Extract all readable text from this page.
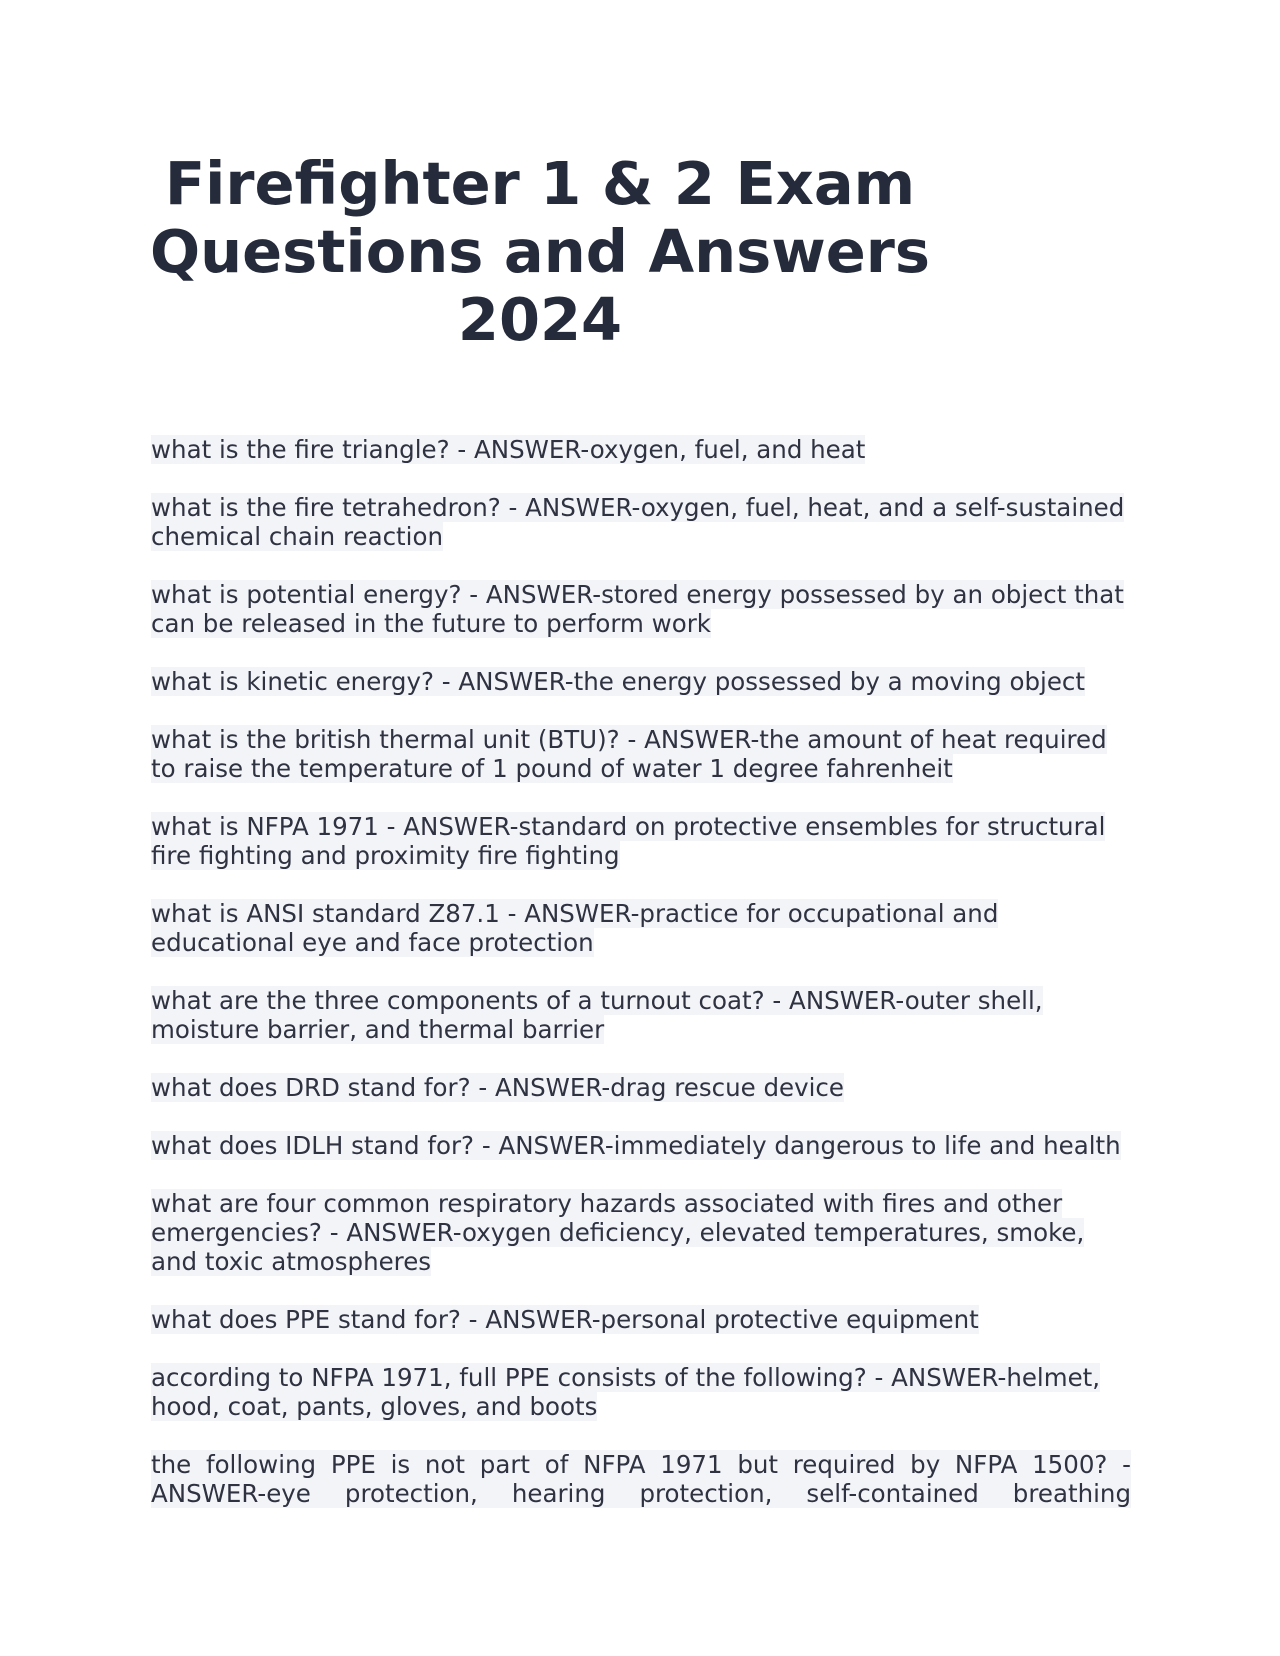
Firefighter 1 & 2 Exam Questions and Answers 2024
what is the fire triangle? - ANSWER-oxygen, fuel, and heat
what is the fire tetrahedron? - ANSWER-oxygen, fuel, heat, and a self-sustained chemical chain reaction
what is potential energy? - ANSWER-stored energy possessed by an object that can be released in the future to perform work
what is kinetic energy? - ANSWER-the energy possessed by a moving object
what is the british thermal unit (BTU)? - ANSWER-the amount of heat required to raise the temperature of 1 pound of water 1 degree fahrenheit
what is NFPA 1971 - ANSWER-standard on protective ensembles for structural fire fighting and proximity fire fighting
what is ANSI standard Z87.1 - ANSWER-practice for occupational and educational eye and face protection
what are the three components of a turnout coat? - ANSWER-outer shell, moisture barrier, and thermal barrier
what does DRD stand for? - ANSWER-drag rescue device
what does IDLH stand for? - ANSWER-immediately dangerous to life and health
what are four common respiratory hazards associated with fires and other emergencies? - ANSWER-oxygen deficiency, elevated temperatures, smoke, and toxic atmospheres
what does PPE stand for? - ANSWER-personal protective equipment
according to NFPA 1971, full PPE consists of the following? - ANSWER-helmet, hood, coat, pants, gloves, and boots
the following PPE is not part of NFPA 1971 but required by NFPA 1500? - ANSWER-eye protection, hearing protection, self-contained breathing
